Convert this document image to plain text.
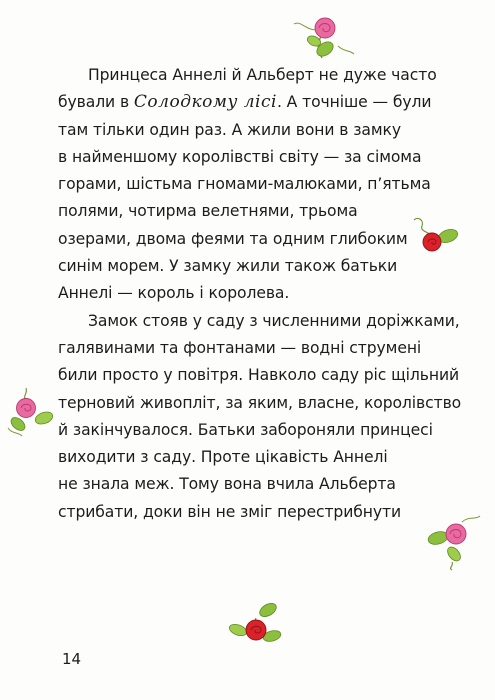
Принцеса Аннелі й Альберт не дуже часто
бували в Солодкому лісі. А точніше — були
там тільки один раз. А жили вони в замку
в найменшому королівстві світу — за сімома
горами, шістьма гномами-малюками, п’ятьма
полями, чотирма велетнями, трьома
озерами, двома феями та одним глибоким
синім морем. У замку жили також батьки
Аннелі — король і королева.

Замок стояв у саду з численними доріжками,
галявинами та фонтанами — водні струмені
били просто у повітря. Навколо саду ріс щільний
терновий живопліт, за яким, власне, королівство
й закінчувалося. Батьки забороняли принцесі
виходити з саду. Проте цікавість Аннелі
не знала меж. Тому вона вчила Альберта
стрибати, доки він не зміг перестрибнути

14
